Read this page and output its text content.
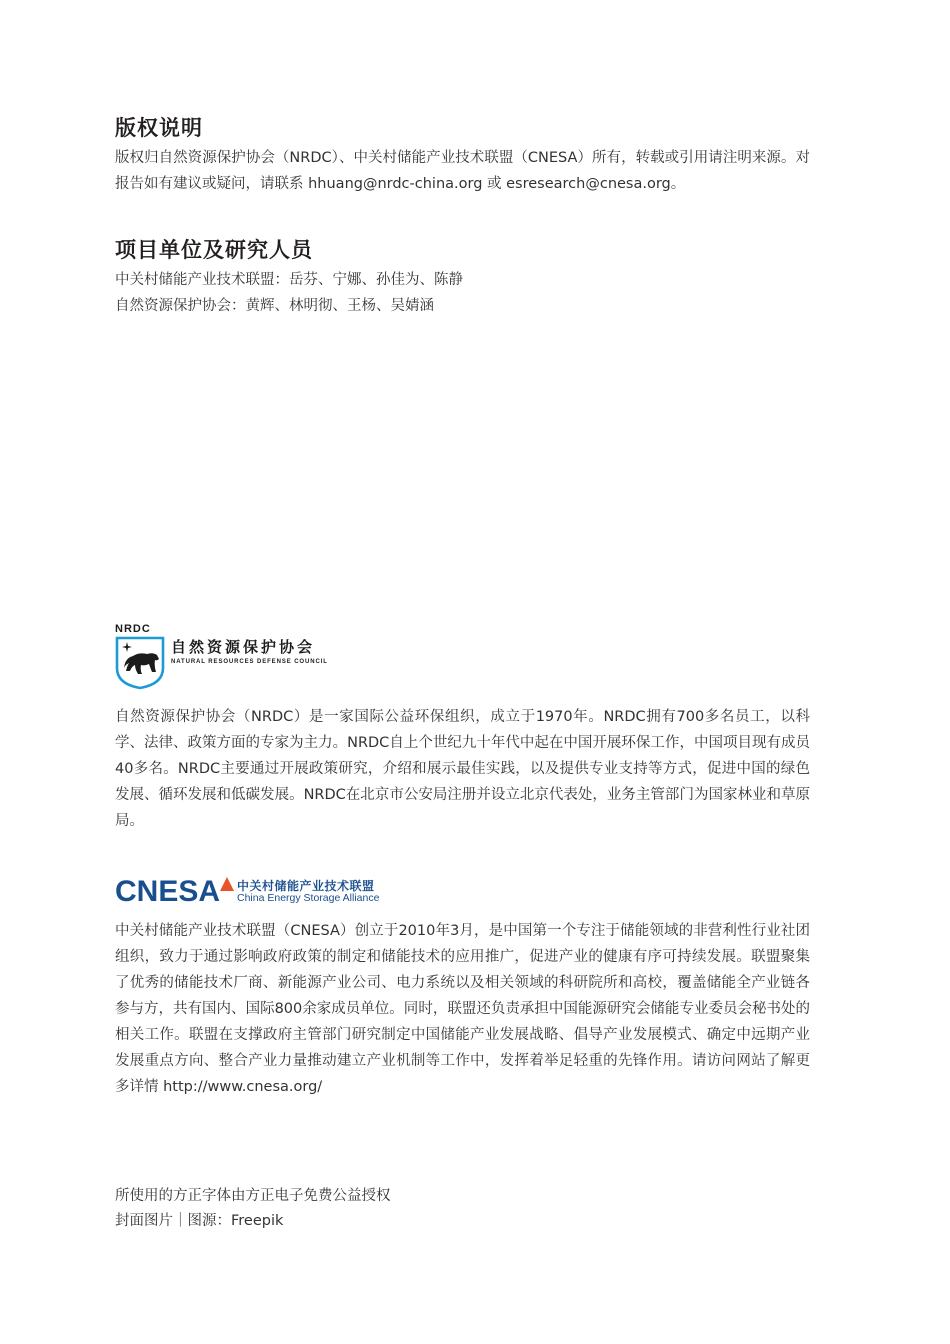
版权说明

版权归自然资源保护协会（NRDC）、中关村储能产业技术联盟（CNESA）所有，转载或引用请注明来源。对报告如有建议或疑问，请联系 hhuang@nrdc-china.org 或 esresearch@cnesa.org。

项目单位及研究人员

中关村储能产业技术联盟：岳芬、宁娜、孙佳为、陈静

自然资源保护协会：黄辉、林明彻、王杨、吴婧涵

NRDC
自然资源保护协会
NATURAL RESOURCES DEFENSE COUNCIL

自然资源保护协会（NRDC）是一家国际公益环保组织，成立于1970年。NRDC拥有700多名员工，以科学、法律、政策方面的专家为主力。NRDC自上个世纪九十年代中起在中国开展环保工作，中国项目现有成员40多名。NRDC主要通过开展政策研究，介绍和展示最佳实践，以及提供专业支持等方式，促进中国的绿色发展、循环发展和低碳发展。NRDC在北京市公安局注册并设立北京代表处，业务主管部门为国家林业和草原局。

CNESA 中关村储能产业技术联盟
China Energy Storage Alliance

中关村储能产业技术联盟（CNESA）创立于2010年3月，是中国第一个专注于储能领域的非营利性行业社团组织，致力于通过影响政府政策的制定和储能技术的应用推广，促进产业的健康有序可持续发展。联盟聚集了优秀的储能技术厂商、新能源产业公司、电力系统以及相关领域的科研院所和高校，覆盖储能全产业链各参与方，共有国内、国际800余家成员单位。同时，联盟还负责承担中国能源研究会储能专业委员会秘书处的相关工作。联盟在支撑政府主管部门研究制定中国储能产业发展战略、倡导产业发展模式、确定中远期产业发展重点方向、整合产业力量推动建立产业机制等工作中，发挥着举足轻重的先锋作用。请访问网站了解更多详情 http://www.cnesa.org/

所使用的方正字体由方正电子免费公益授权

封面图片｜图源：Freepik
